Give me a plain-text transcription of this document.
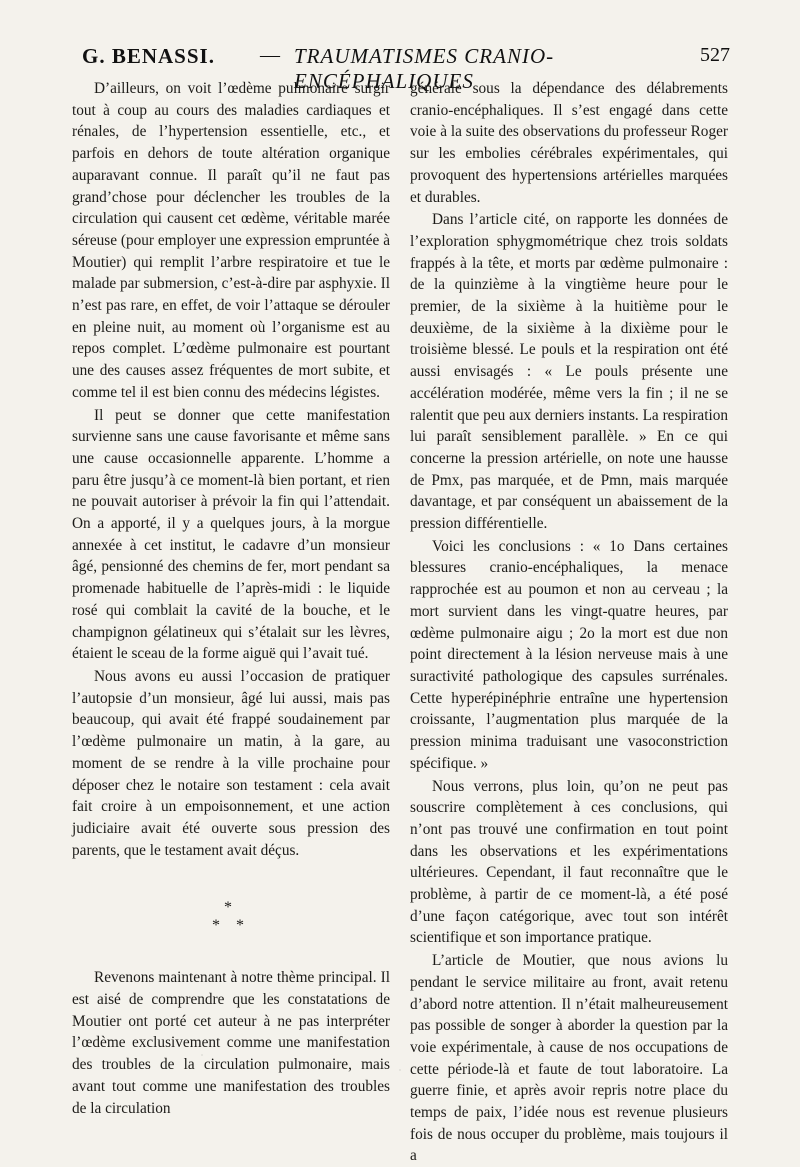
G. BENASSI. — TRAUMATISMES CRANIO-ENCÉPHALIQUES
527

D’ailleurs, on voit l’œdème pulmonaire surgir tout à coup au cours des maladies cardiaques et rénales, de l’hypertension essentielle, etc., et parfois en dehors de toute altération organique auparavant connue. Il paraît qu’il ne faut pas grand’chose pour déclencher les troubles de la circulation qui causent cet œdème, véritable marée séreuse (pour employer une expression empruntée à Moutier) qui remplit l’arbre respiratoire et tue le malade par submersion, c’est-à-dire par asphyxie. Il n’est pas rare, en effet, de voir l’attaque se dérouler en pleine nuit, au moment où l’organisme est au repos complet. L’œdème pulmonaire est pourtant une des causes assez fréquentes de mort subite, et comme tel il est bien connu des médecins légistes.

Il peut se donner que cette manifestation survienne sans une cause favorisante et même sans une cause occasionnelle apparente. L’homme a paru être jusqu’à ce moment-là bien portant, et rien ne pouvait autoriser à prévoir la fin qui l’attendait. On a apporté, il y a quelques jours, à la morgue annexée à cet institut, le cadavre d’un monsieur âgé, pensionné des chemins de fer, mort pendant sa promenade habituelle de l’après-midi : le liquide rosé qui comblait la cavité de la bouche, et le champignon gélatineux qui s’étalait sur les lèvres, étaient le sceau de la forme aiguë qui l’avait tué.

Nous avons eu aussi l’occasion de pratiquer l’autopsie d’un monsieur, âgé lui aussi, mais pas beaucoup, qui avait été frappé soudainement par l’œdème pulmonaire un matin, à la gare, au moment de se rendre à la ville prochaine pour déposer chez le notaire son testament : cela avait fait croire à un empoisonnement, et une action judiciaire avait été ouverte sous pression des parents, que le testament avait déçus.

*
* *

Revenons maintenant à notre thème principal. Il est aisé de comprendre que les constatations de Moutier ont porté cet auteur à ne pas interpréter l’œdème exclusivement comme une manifestation des troubles de la circulation pulmonaire, mais avant tout comme une manifestation des troubles de la circulation

générale sous la dépendance des délabrements cranio-encéphaliques. Il s’est engagé dans cette voie à la suite des observations du professeur Roger sur les embolies cérébrales expérimentales, qui provoquent des hypertensions artérielles marquées et durables.

Dans l’article cité, on rapporte les données de l’exploration sphygmométrique chez trois soldats frappés à la tête, et morts par œdème pulmonaire : de la quinzième à la vingtième heure pour le premier, de la sixième à la huitième pour le deuxième, de la sixième à la dixième pour le troisième blessé. Le pouls et la respiration ont été aussi envisagés : « Le pouls présente une accélération modérée, même vers la fin ; il ne se ralentit que peu aux derniers instants. La respiration lui paraît sensiblement parallèle. » En ce qui concerne la pression artérielle, on note une hausse de Pmx, pas marquée, et de Pmn, mais marquée davantage, et par conséquent un abaissement de la pression différentielle.

Voici les conclusions : « 1o Dans certaines blessures cranio-encéphaliques, la menace rapprochée est au poumon et non au cerveau ; la mort survient dans les vingt-quatre heures, par œdème pulmonaire aigu ; 2o la mort est due non point directement à la lésion nerveuse mais à une suractivité pathologique des capsules surrénales. Cette hyperépinéphrie entraîne une hypertension croissante, l’augmentation plus marquée de la pression minima traduisant une vasoconstriction spécifique. »

Nous verrons, plus loin, qu’on ne peut pas souscrire complètement à ces conclusions, qui n’ont pas trouvé une confirmation en tout point dans les observations et les expérimentations ultérieures. Cependant, il faut reconnaître que le problème, à partir de ce moment-là, a été posé d’une façon catégorique, avec tout son intérêt scientifique et son importance pratique.

L’article de Moutier, que nous avions lu pendant le service militaire au front, avait retenu d’abord notre attention. Il n’était malheureusement pas possible de songer à aborder la question par la voie expérimentale, à cause de nos occupations de cette période-là et faute de tout laboratoire. La guerre finie, et après avoir repris notre place du temps de paix, l’idée nous est revenue plusieurs fois de nous occuper du problème, mais toujours il a
